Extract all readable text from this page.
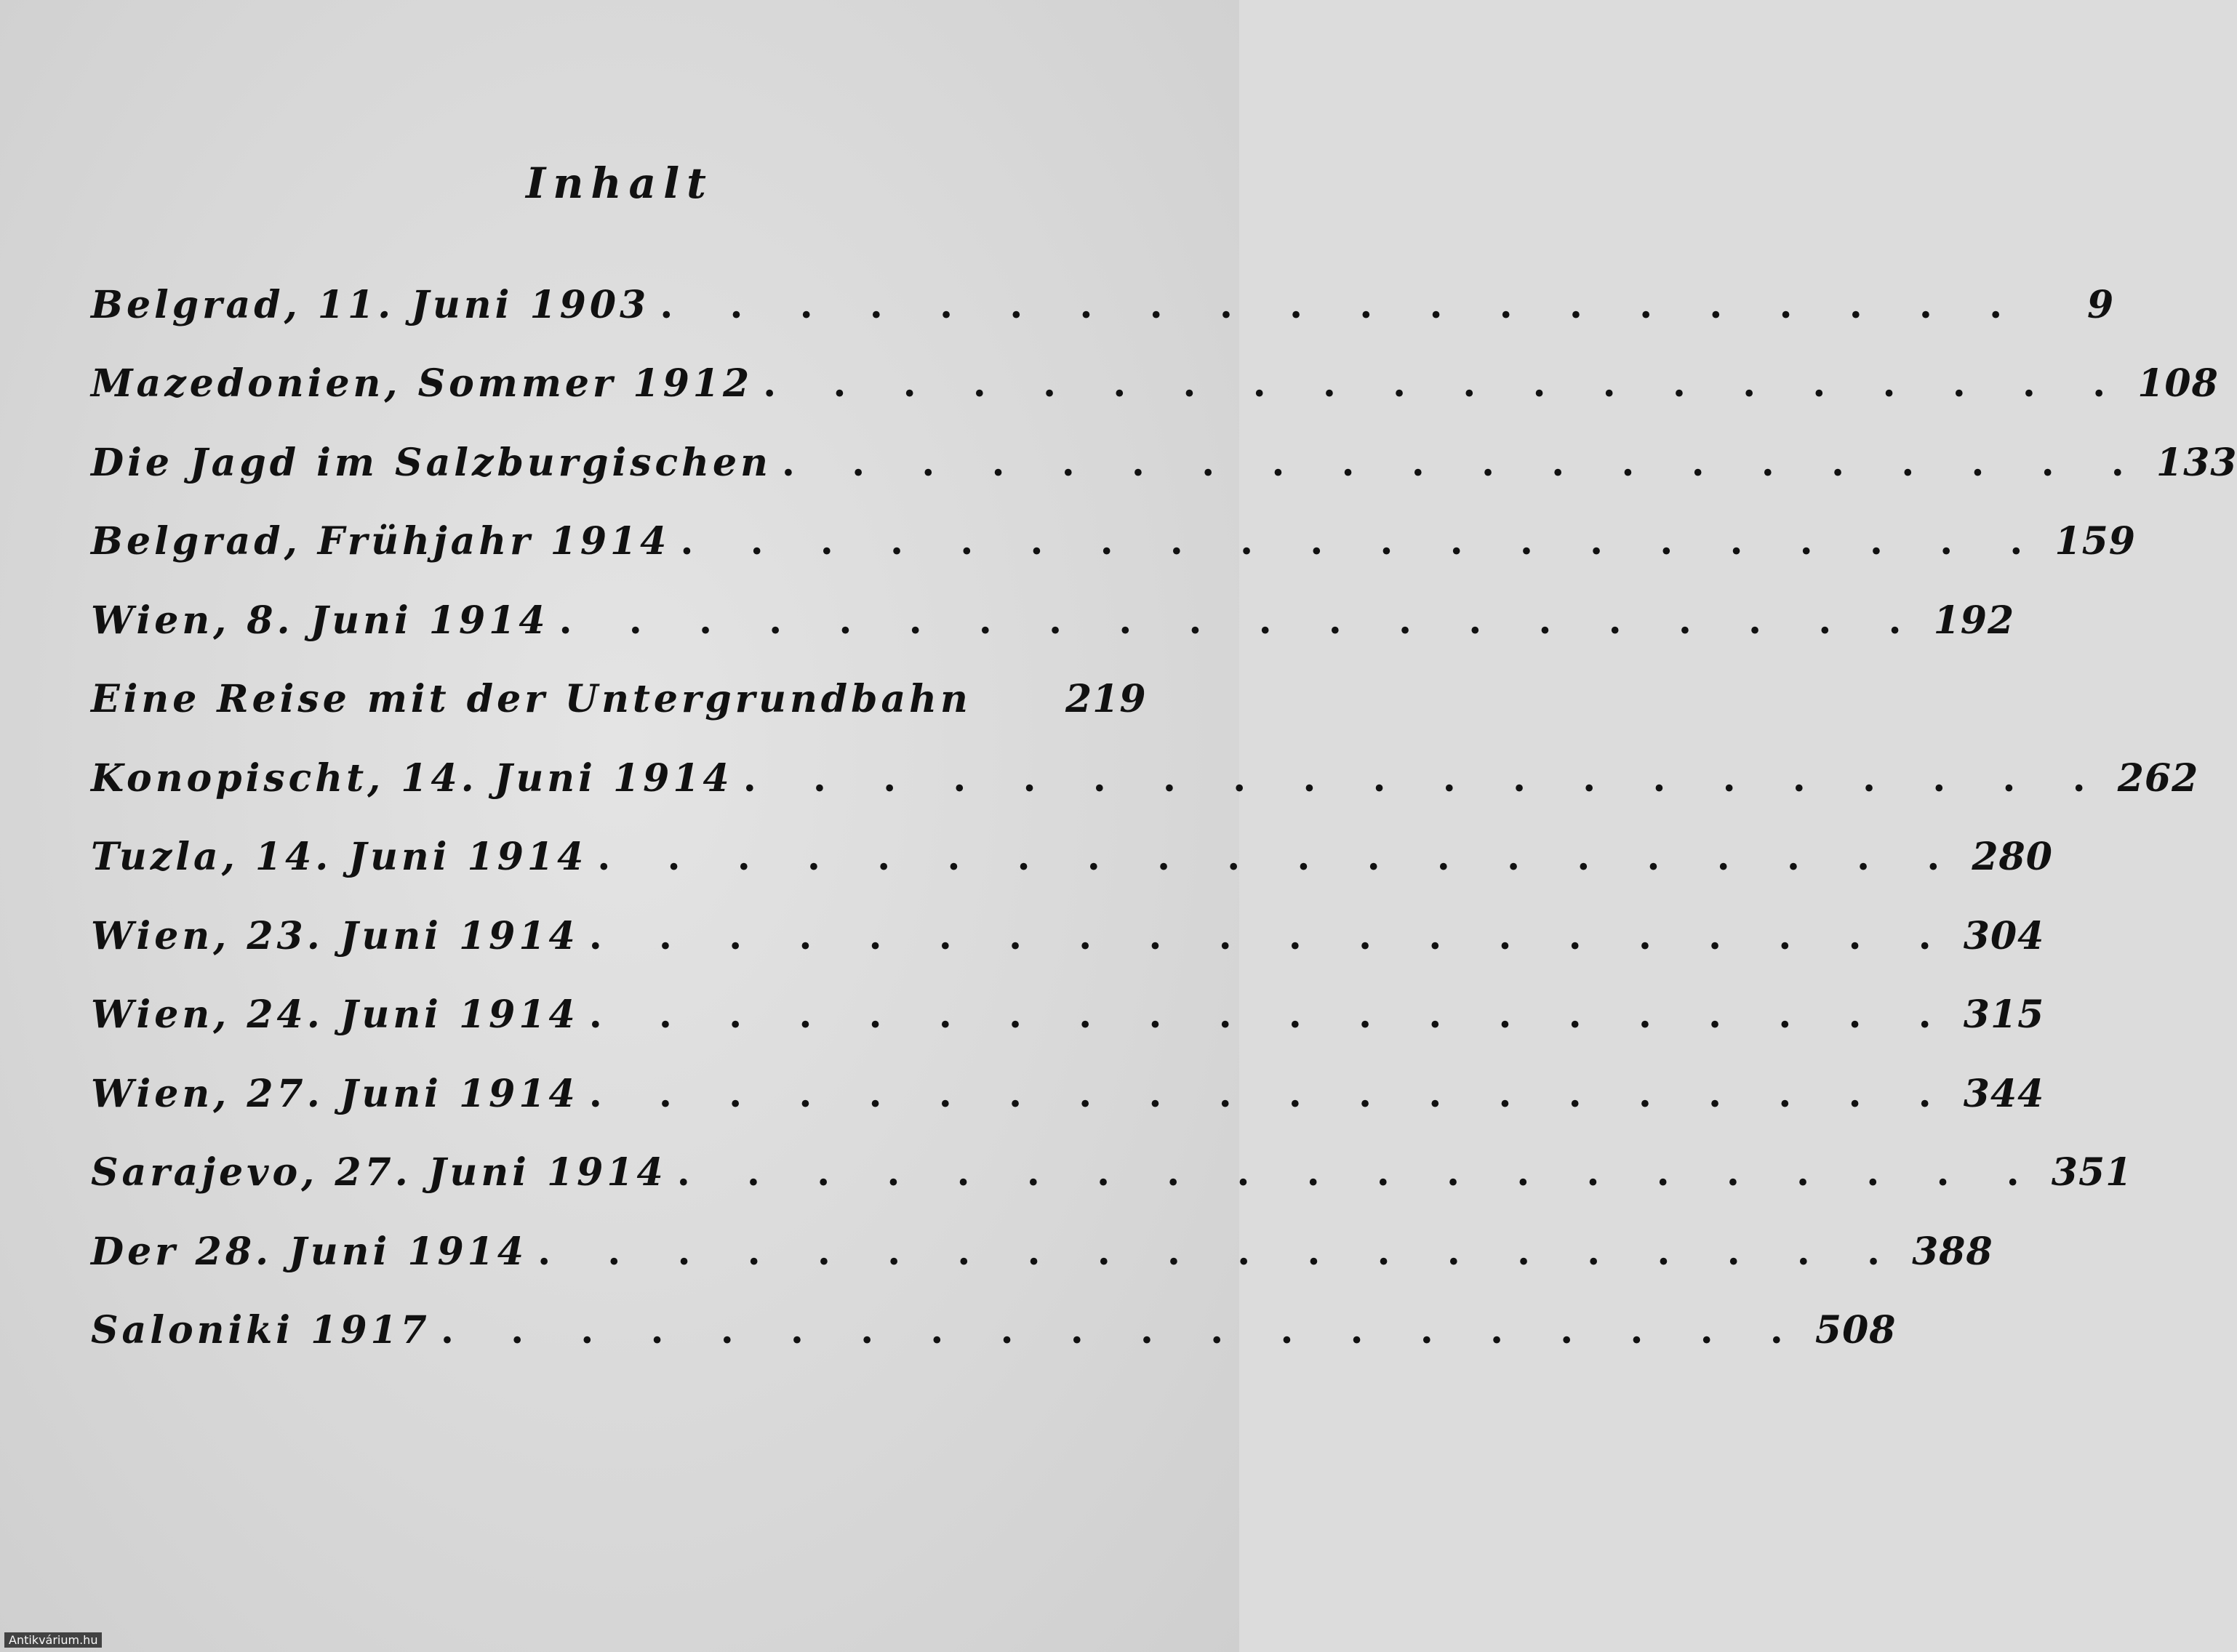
Inhalt
Belgrad, 11. Juni 1903 . . . . . . . . . . . . . . . . . . . .	9
Mazedonien, Sommer 1912 . . . . . . . . . . . . . . . . . . . . 108
Die Jagd im Salzburgischen . . . . . . . . . . . . . . . . . . . . 133
Belgrad, Frühjahr 1914 . . . . . . . . . . . . . . . . . . . . 159
Wien, 8. Juni 1914 . . . . . . . . . . . . . . . . . . . . 192
Eine Reise mit der Untergrundbahn 219
Konopischt, 14. Juni 1914 . . . . . . . . . . . . . . . . . . . . 262
Tuzla, 14. Juni 1914 . . . . . . . . . . . . . . . . . . . . 280
Wien, 23. Juni 1914 . . . . . . . . . . . . . . . . . . . . 304
Wien, 24. Juni 1914 . . . . . . . . . . . . . . . . . . . . 315
Wien, 27. Juni 1914 . . . . . . . . . . . . . . . . . . . . 344
Sarajevo, 27. Juni 1914 . . . . . . . . . . . . . . . . . . . . 351
Der 28. Juni 1914 . . . . . . . . . . . . . . . . . . . . 388
Saloniki 1917 . . . . . . . . . . . . . . . . . . . . 508
Antikvárium.hu
